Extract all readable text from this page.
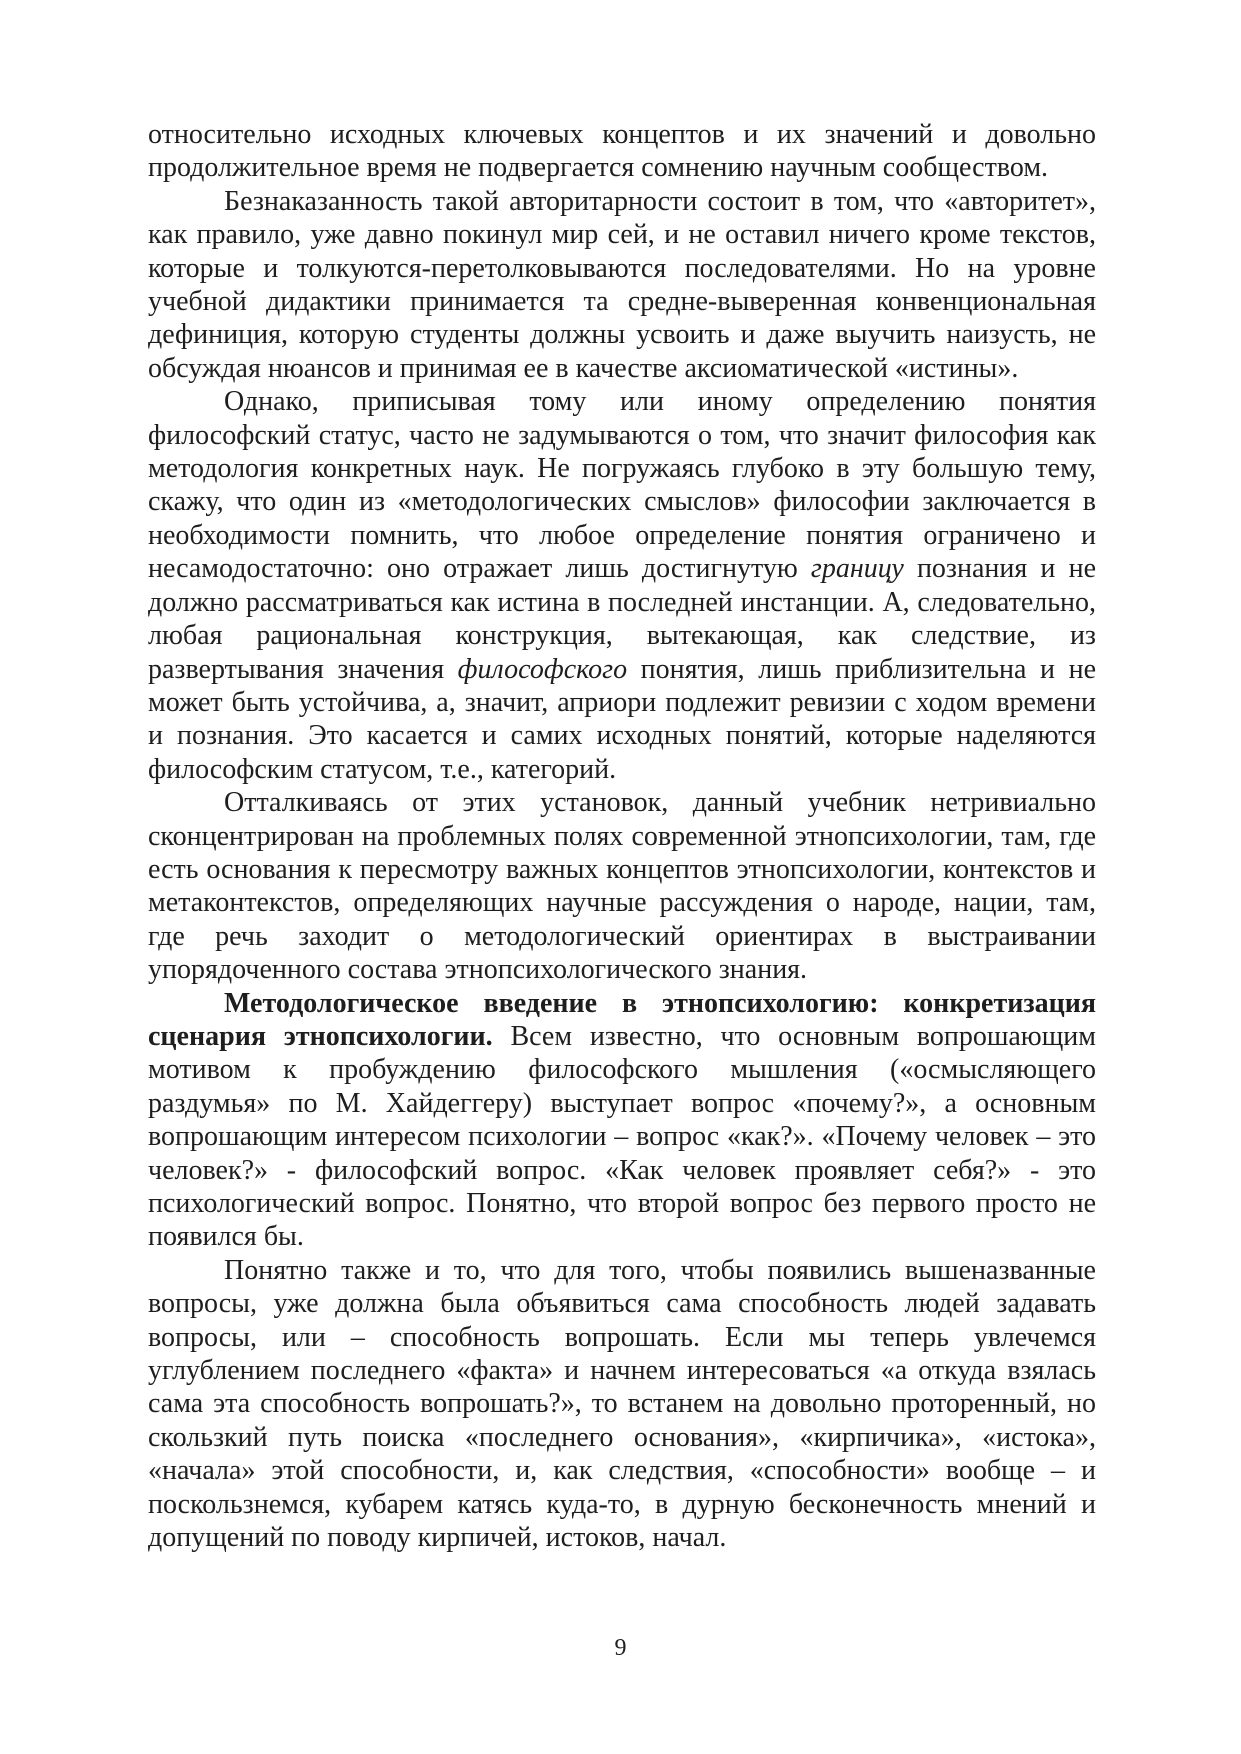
относительно исходных ключевых концептов и их значений и довольно продолжительное время не подвергается сомнению научным сообществом.

Безнаказанность такой авторитарности состоит в том, что «авторитет», как правило, уже давно покинул мир сей, и не оставил ничего кроме текстов, которые и толкуются-перетолковываются последователями. Но на уровне учебной дидактики принимается та средне-выверенная конвенциональная дефиниция, которую студенты должны усвоить и даже выучить наизусть, не обсуждая нюансов и принимая ее в качестве аксиоматической «истины».

Однако, приписывая тому или иному определению понятия философский статус, часто не задумываются о том, что значит философия как методология конкретных наук. Не погружаясь глубоко в эту большую тему, скажу, что один из «методологических смыслов» философии заключается в необходимости помнить, что любое определение понятия ограничено и несамодостаточно: оно отражает лишь достигнутую границу познания и не должно рассматриваться как истина в последней инстанции. А, следовательно, любая рациональная конструкция, вытекающая, как следствие, из развертывания значения философского понятия, лишь приблизительна и не может быть устойчива, а, значит, априори подлежит ревизии с ходом времени и познания. Это касается и самих исходных понятий, которые наделяются философским статусом, т.е., категорий.

Отталкиваясь от этих установок, данный учебник нетривиально сконцентрирован на проблемных полях современной этнопсихологии, там, где есть основания к пересмотру важных концептов этнопсихологии, контекстов и метаконтекстов, определяющих научные рассуждения о народе, нации, там, где речь заходит о методологический ориентирах в выстраивании упорядоченного состава этнопсихологического знания.

Методологическое введение в этнопсихологию: конкретизация сценария этнопсихологии. Всем известно, что основным вопрошающим мотивом к пробуждению философского мышления («осмысляющего раздумья» по М. Хайдеггеру) выступает вопрос «почему?», а основным вопрошающим интересом психологии – вопрос «как?». «Почему человек – это человек?» - философский вопрос. «Как человек проявляет себя?» - это психологический вопрос. Понятно, что второй вопрос без первого просто не появился бы.

Понятно также и то, что для того, чтобы появились вышеназванные вопросы, уже должна была объявиться сама способность людей задавать вопросы, или – способность вопрошать. Если мы теперь увлечемся углублением последнего «факта» и начнем интересоваться «а откуда взялась сама эта способность вопрошать?», то встанем на довольно проторенный, но скользкий путь поиска «последнего основания», «кирпичика», «истока», «начала» этой способности, и, как следствия, «способности» вообще – и поскользнемся, кубарем катясь куда-то, в дурную бесконечность мнений и допущений по поводу кирпичей, истоков, начал.

9
